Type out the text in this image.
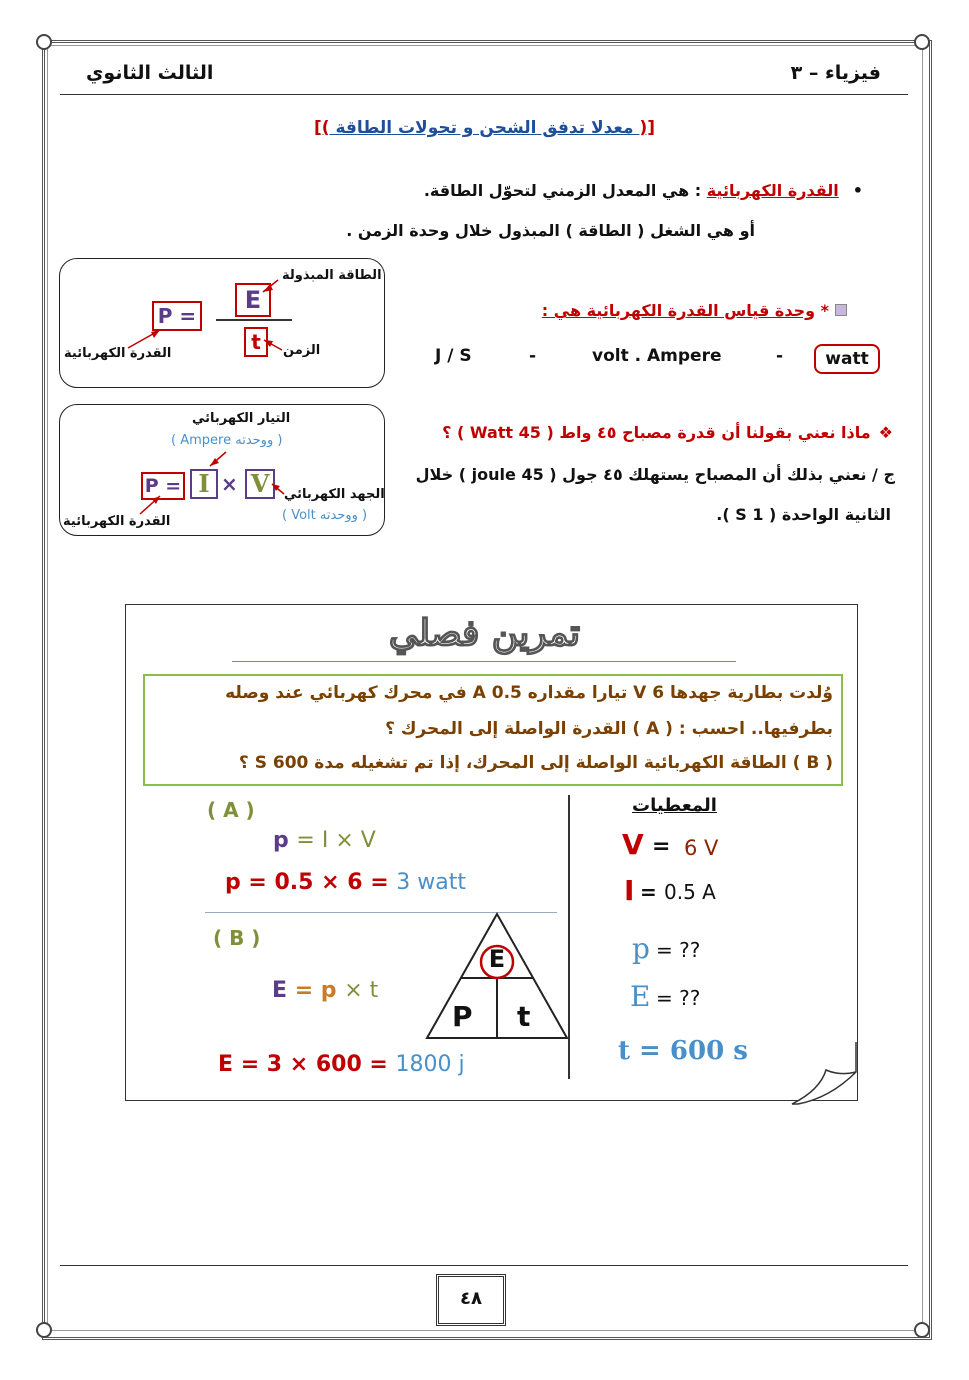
فيزياء – ٣
الثالث الثانوي
[( معدلا تدفق الشحن و تحولات الطاقة )]
•القدرة الكهربائية : هي المعدل الزمني لتحوّل الطاقة.
أو هي الشغل ( الطاقة ) المبذول خلال وحدة الزمن .
الطاقة المبذولة
E
P =
t	الزمن
القدرة الكهربائية
* وحدة قياس القدرة الكهربائية هي :
J / S	-	volt . Ampere	-	watt
التيار الكهربائي
( ووحدته Ampere )
P = I × V	الجهد الكهربائي
( ووحدته Volt )
القدرة الكهربائية
❖ماذا نعني بقولنا أن قدرة مصباح ٤٥ واط ( 45 Watt ) ؟
ج / نعني بذلك أن المصباح يستهلك ٤٥ جول ( 45 joule ) خلال
الثانية الواحدة ( 1 S ).
تمرين فصلي
وُلدت بطارية جهدها 6 V تيارا مقداره 0.5 A في محرك كهربائي عند وصله
بطرفيها.. احسب : ( A ) القدرة الواصلة إلى المحرك ؟
( B ) الطاقة الكهربائية الواصلة إلى المحرك، إذا تم تشغيله مدة 600 S ؟
المعطيات
V = 6 V
I = 0.5 A
p = ??
E = ??
t = 600 s
( A )
p = I × V
p = 0.5 × 6 = 3 watt
( B )
E = p × t
E = 3 × 600 = 1800 j
E
P t
٤٨
